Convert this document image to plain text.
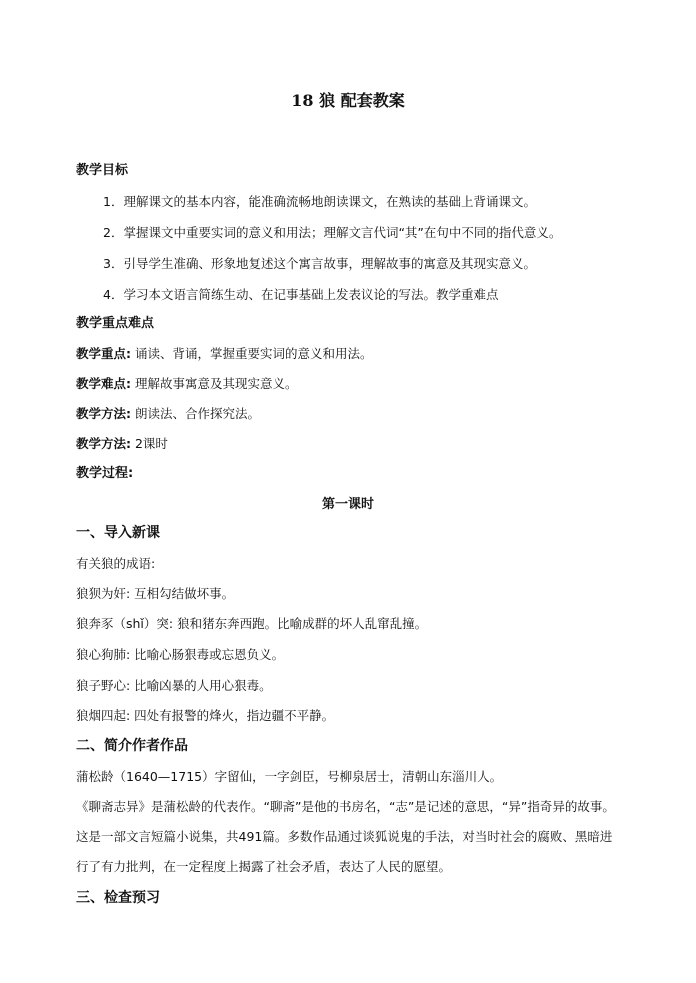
18 狼 配套教案
教学目标
1．理解课文的基本内容，能准确流畅地朗读课文，在熟读的基础上背诵课文。
2．掌握课文中重要实词的意义和用法；理解文言代词“其”在句中不同的指代意义。
3．引导学生准确、形象地复述这个寓言故事，理解故事的寓意及其现实意义。
4．学习本文语言简练生动、在记事基础上发表议论的写法。教学重难点
教学重点难点
教学重点: 诵读、背诵，掌握重要实词的意义和用法。
教学难点: 理解故事寓意及其现实意义。
教学方法: 朗读法、合作探究法。
教学方法: 2课时
教学过程:
第一课时
一、导入新课
有关狼的成语:
狼狈为奸: 互相勾结做坏事。
狼奔豕（shǐ）突: 狼和猪东奔西跑。比喻成群的坏人乱窜乱撞。
狼心狗肺: 比喻心肠狠毒或忘恩负义。
狼子野心: 比喻凶暴的人用心狠毒。
狼烟四起: 四处有报警的烽火，指边疆不平静。
二、简介作者作品
蒲松龄（1640—1715）字留仙，一字剑臣，号柳泉居士，清朝山东淄川人。
《聊斋志异》是蒲松龄的代表作。“聊斋”是他的书房名，“志”是记述的意思，“异”指奇异的故事。这是一部文言短篇小说集，共491篇。多数作品通过谈狐说鬼的手法，对当时社会的腐败、黑暗进行了有力批判，在一定程度上揭露了社会矛盾，表达了人民的愿望。
三、检查预习
